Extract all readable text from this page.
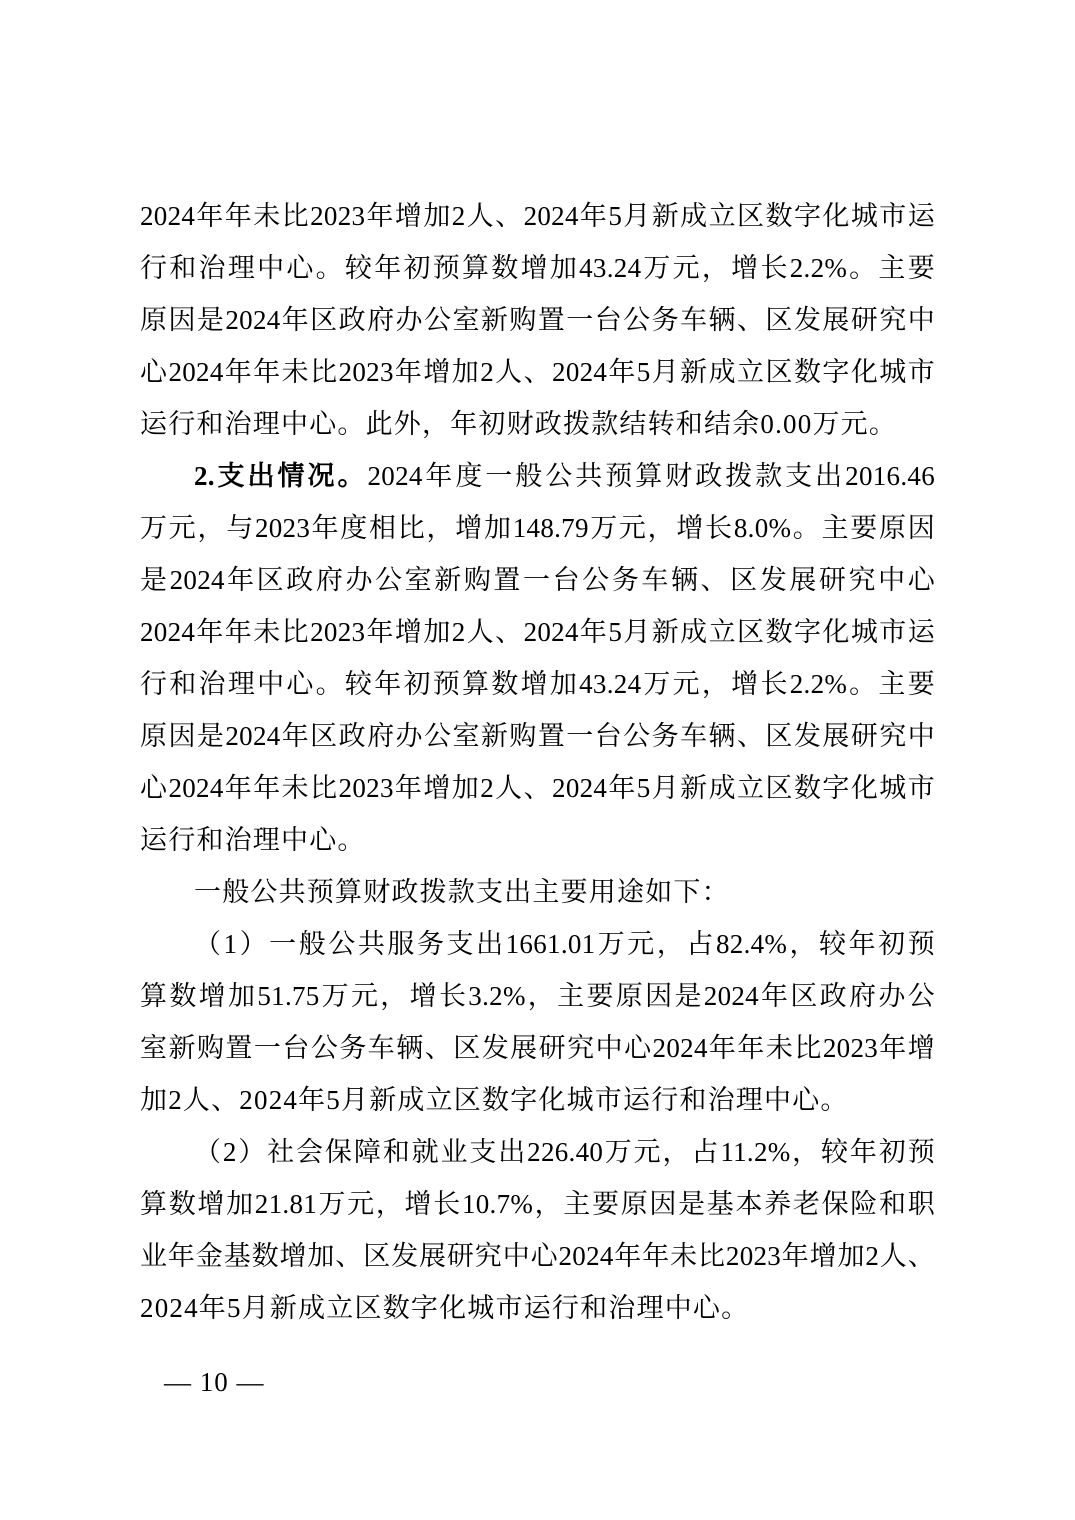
2024年年未比2023年增加2人、2024年5月新成立区数字化城市运
行和治理中心。较年初预算数增加43.24万元，增长2.2%。主要
原因是2024年区政府办公室新购置一台公务车辆、区发展研究中
心2024年年未比2023年增加2人、2024年5月新成立区数字化城市
运行和治理中心。此外，年初财政拨款结转和结余0.00万元。
2.支出情况。2024年度一般公共预算财政拨款支出2016.46
万元，与2023年度相比，增加148.79万元，增长8.0%。主要原因
是2024年区政府办公室新购置一台公务车辆、区发展研究中心
2024年年未比2023年增加2人、2024年5月新成立区数字化城市运
行和治理中心。较年初预算数增加43.24万元，增长2.2%。主要
原因是2024年区政府办公室新购置一台公务车辆、区发展研究中
心2024年年未比2023年增加2人、2024年5月新成立区数字化城市
运行和治理中心。
一般公共预算财政拨款支出主要用途如下：
（1）一般公共服务支出1661.01万元，占82.4%，较年初预
算数增加51.75万元，增长3.2%，主要原因是2024年区政府办公
室新购置一台公务车辆、区发展研究中心2024年年未比2023年增
加2人、2024年5月新成立区数字化城市运行和治理中心。
（2）社会保障和就业支出226.40万元，占11.2%，较年初预
算数增加21.81万元，增长10.7%，主要原因是基本养老保险和职
业年金基数增加、区发展研究中心2024年年未比2023年增加2人、
2024年5月新成立区数字化城市运行和治理中心。
— 10 —
